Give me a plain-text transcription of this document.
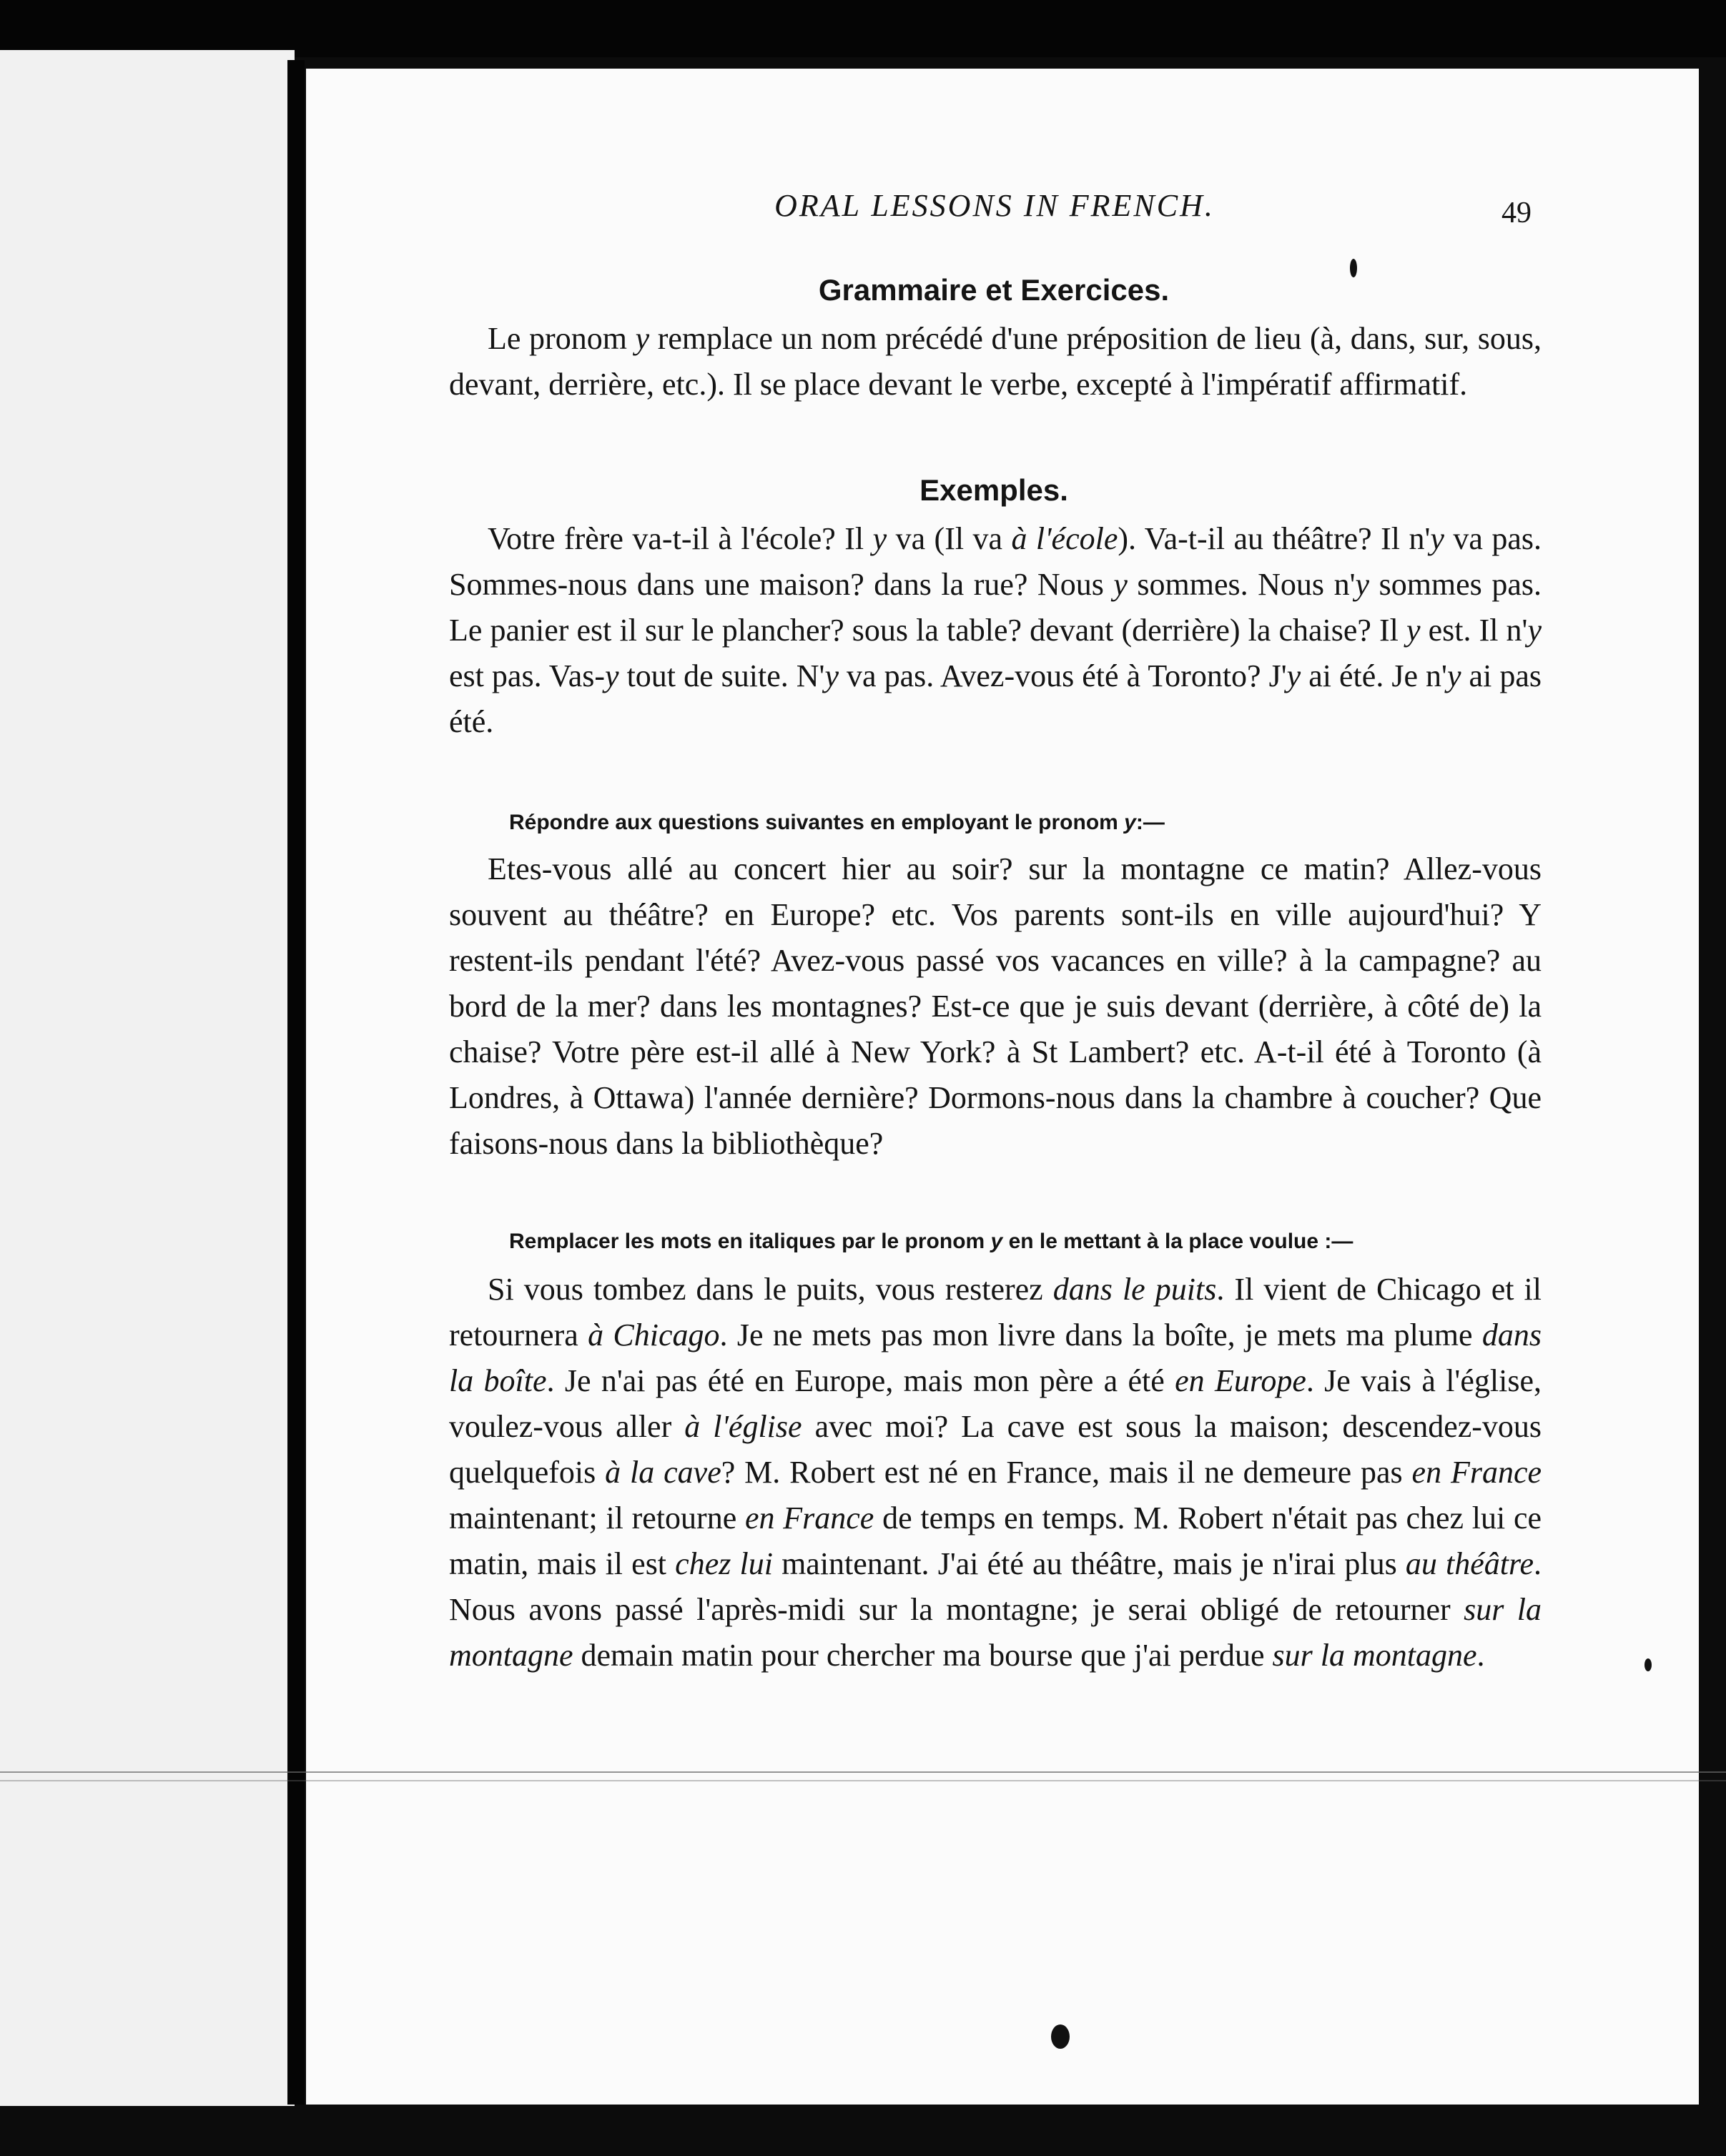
ORAL LESSONS IN FRENCH.	49
Grammaire et Exercices.

Le pronom y remplace un nom précédé d'une préposition de lieu (à, dans, sur, sous, devant, derrière, etc.). Il se place devant le verbe, excepté à l'impératif affirmatif.

Exemples.

Votre frère va-t-il à l'école? Il y va (Il va à l'école). Va-t-il au théâtre? Il n'y va pas. Sommes-nous dans une maison? dans la rue? Nous y sommes. Nous n'y sommes pas. Le panier est il sur le plancher? sous la table? devant (derrière) la chaise? Il y est. Il n'y est pas. Vas-y tout de suite. N'y va pas. Avez-vous été à Toronto? J'y ai été. Je n'y ai pas été.

Répondre aux questions suivantes en employant le pronom y:—

Etes-vous allé au concert hier au soir? sur la montagne ce matin? Allez-vous souvent au théâtre? en Europe? etc. Vos parents sont-ils en ville aujourd'hui? Y restent-ils pendant l'été? Avez-vous passé vos vacances en ville? à la campagne? au bord de la mer? dans les montagnes? Est-ce que je suis devant (derrière, à côté de) la chaise? Votre père est-il allé à New York? à St Lambert? etc. A-t-il été à Toronto (à Londres, à Ottawa) l'année dernière? Dormons-nous dans la chambre à coucher? Que faisons-nous dans la bibliothèque?

Remplacer les mots en italiques par le pronom y en le mettant à la place voulue :—

Si vous tombez dans le puits, vous resterez dans le puits. Il vient de Chicago et il retournera à Chicago. Je ne mets pas mon livre dans la boîte, je mets ma plume dans la boîte. Je n'ai pas été en Europe, mais mon père a été en Europe. Je vais à l'église, voulez-vous aller à l'église avec moi? La cave est sous la maison; descendez-vous quelquefois à la cave? M. Robert est né en France, mais il ne demeure pas en France maintenant; il retourne en France de temps en temps. M. Robert n'était pas chez lui ce matin, mais il est chez lui maintenant. J'ai été au théâtre, mais je n'irai plus au théâtre. Nous avons passé l'après-midi sur la montagne; je serai obligé de retourner sur la montagne demain matin pour chercher ma bourse que j'ai perdue sur la montagne.
